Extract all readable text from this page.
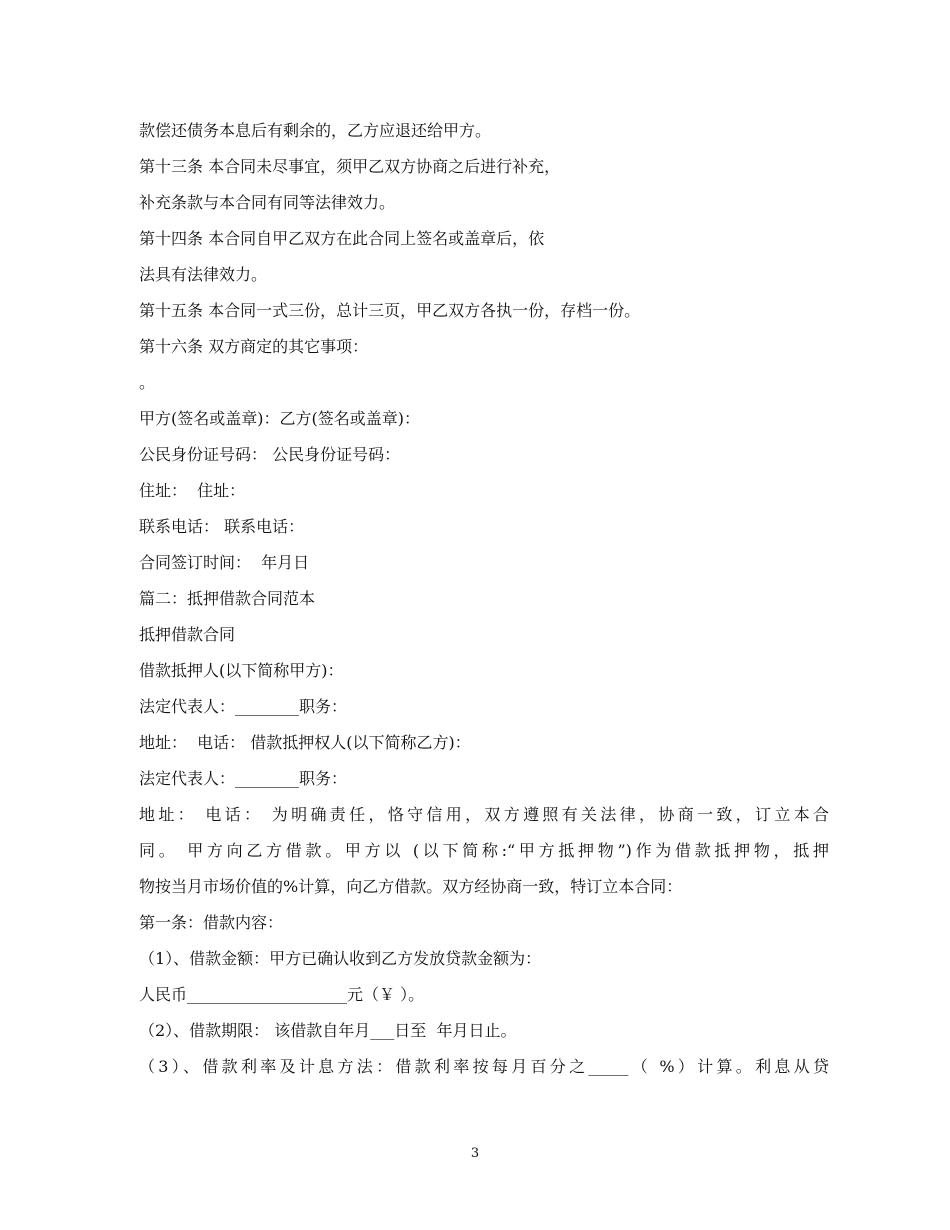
款偿还债务本息后有剩余的，乙方应退还给甲方。
第十三条 本合同未尽事宜，须甲乙双方协商之后进行补充，
补充条款与本合同有同等法律效力。
第十四条 本合同自甲乙双方在此合同上签名或盖章后，依
法具有法律效力。
第十五条 本合同一式三份，总计三页，甲乙双方各执一份，存档一份。
第十六条 双方商定的其它事项：
。
甲方(签名或盖章)：乙方(签名或盖章)：
公民身份证号码： 公民身份证号码：
住址：  住址：
联系电话： 联系电话：
合同签订时间：  年月日
篇二：抵押借款合同范本
抵押借款合同
借款抵押人(以下简称甲方)：
法定代表人：________职务：
地址：  电话： 借款抵押权人(以下简称乙方)：
法定代表人：________职务：
地址： 电话： 为明确责任，恪守信用，双方遵照有关法律，协商一致，订立本合
同。 甲方向乙方借款。甲方以 (以下简称:“甲方抵押物”)作为借款抵押物，抵押
物按当月市场价值的%计算，向乙方借款。双方经协商一致，特订立本合同：
第一条：借款内容：
（1）、借款金额：甲方已确认收到乙方发放贷款金额为：
人民币____________________元（￥ ）。
（2）、借款期限： 该借款自年月___日至  年月日止。
（3）、借款利率及计息方法：借款利率按每月百分之_____（ %）计算。利息从贷
3
